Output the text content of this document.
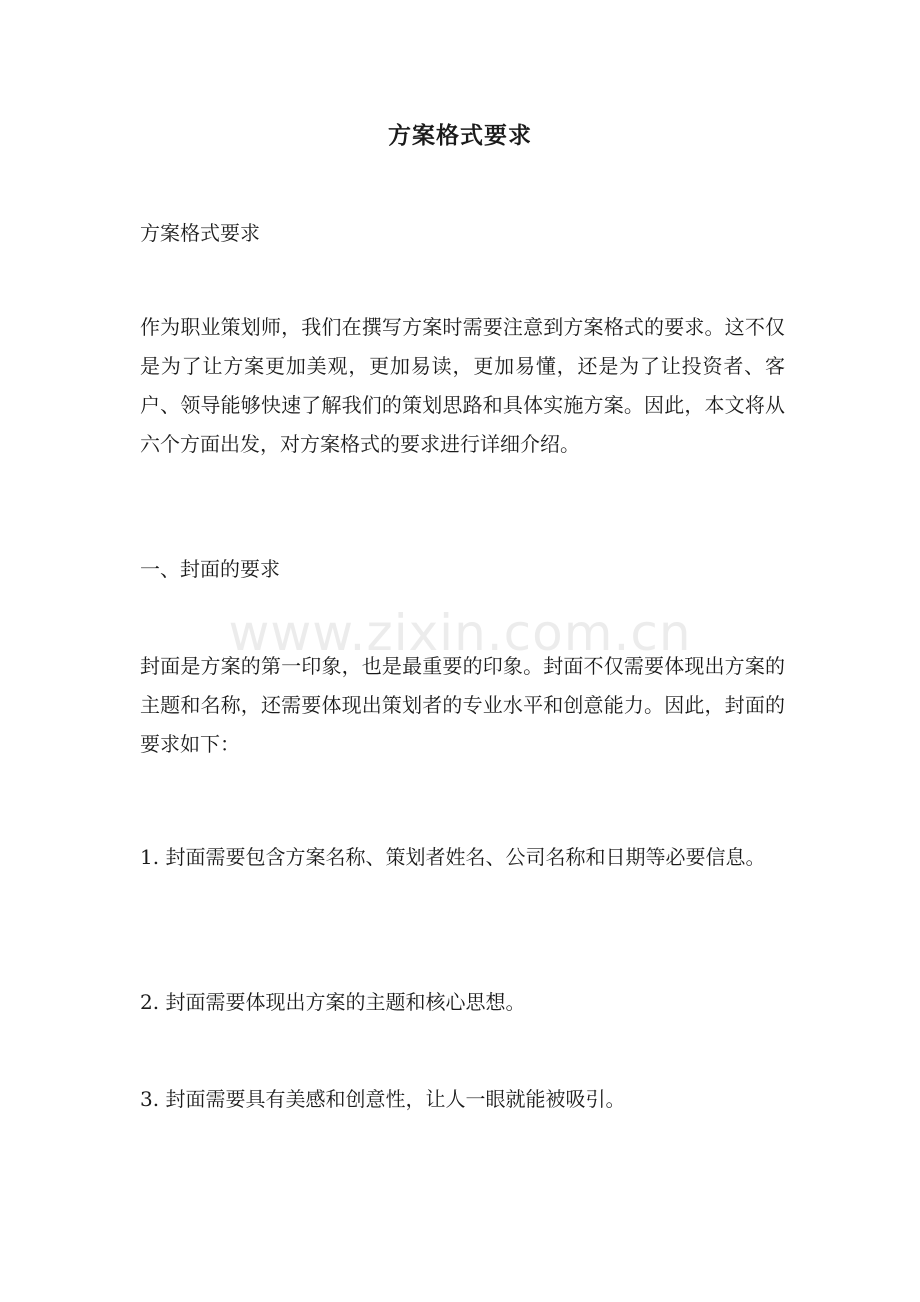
方案格式要求

方案格式要求

作为职业策划师，我们在撰写方案时需要注意到方案格式的要求。这不仅是为了让方案更加美观，更加易读，更加易懂，还是为了让投资者、客户、领导能够快速了解我们的策划思路和具体实施方案。因此，本文将从六个方面出发，对方案格式的要求进行详细介绍。

一、封面的要求

www.zixin.com.cn

封面是方案的第一印象，也是最重要的印象。封面不仅需要体现出方案的主题和名称，还需要体现出策划者的专业水平和创意能力。因此，封面的要求如下：

1. 封面需要包含方案名称、策划者姓名、公司名称和日期等必要信息。

2. 封面需要体现出方案的主题和核心思想。

3. 封面需要具有美感和创意性，让人一眼就能被吸引。
